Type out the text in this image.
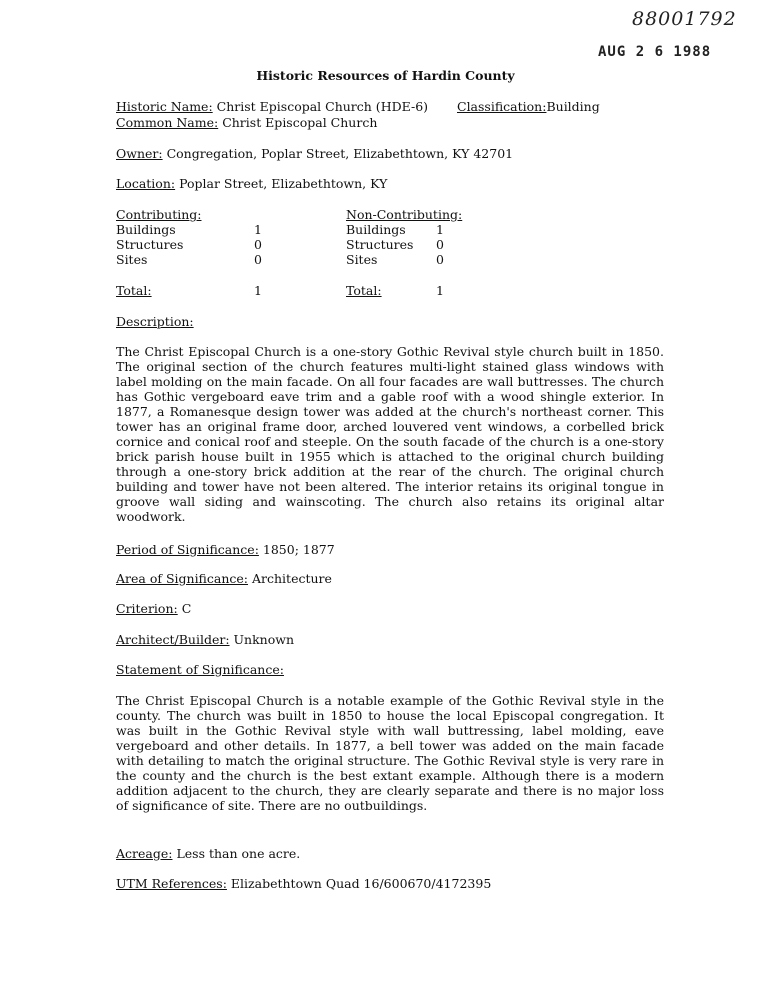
88001792
AUG 2 6 1988
Historic Resources of Hardin County
Historic Name: Christ Episcopal Church (HDE-6) Classification:Building
Common Name: Christ Episcopal Church
Owner: Congregation, Poplar Street, Elizabethtown, KY 42701
Location: Poplar Street, Elizabethtown, KY
Contributing:	Non-Contributing:
Buildings	1	Buildings 1
Structures	0	Structures 0
Sites	0	Sites	0
Total:	1	Total:	1
Description:
The Christ Episcopal Church is a one-story Gothic Revival style church built in 1850. The original section of the church features multi-light stained glass windows with label molding on the main facade. On all four facades are wall buttresses. The church has Gothic vergeboard eave trim and a gable roof with a wood shingle exterior. In 1877, a Romanesque design tower was added at the church's northeast corner. This tower has an original frame door, arched louvered vent windows, a corbelled brick cornice and conical roof and steeple. On the south facade of the church is a one-story brick parish house built in 1955 which is attached to the original church building through a one-story brick addition at the rear of the church. The original church building and tower have not been altered. The interior retains its original tongue in groove wall siding and wainscoting. The church also retains its original altar woodwork.
Period of Significance: 1850; 1877
Area of Significance: Architecture
Criterion: C
Architect/Builder: Unknown
Statement of Significance:
The Christ Episcopal Church is a notable example of the Gothic Revival style in the county. The church was built in 1850 to house the local Episcopal congregation. It was built in the Gothic Revival style with wall buttressing, label molding, eave vergeboard and other details. In 1877, a bell tower was added on the main facade with detailing to match the original structure. The Gothic Revival style is very rare in the county and the church is the best extant example. Although there is a modern addition adjacent to the church, they are clearly separate and there is no major loss of significance of site. There are no outbuildings.
Acreage: Less than one acre.
UTM References: Elizabethtown Quad 16/600670/4172395
